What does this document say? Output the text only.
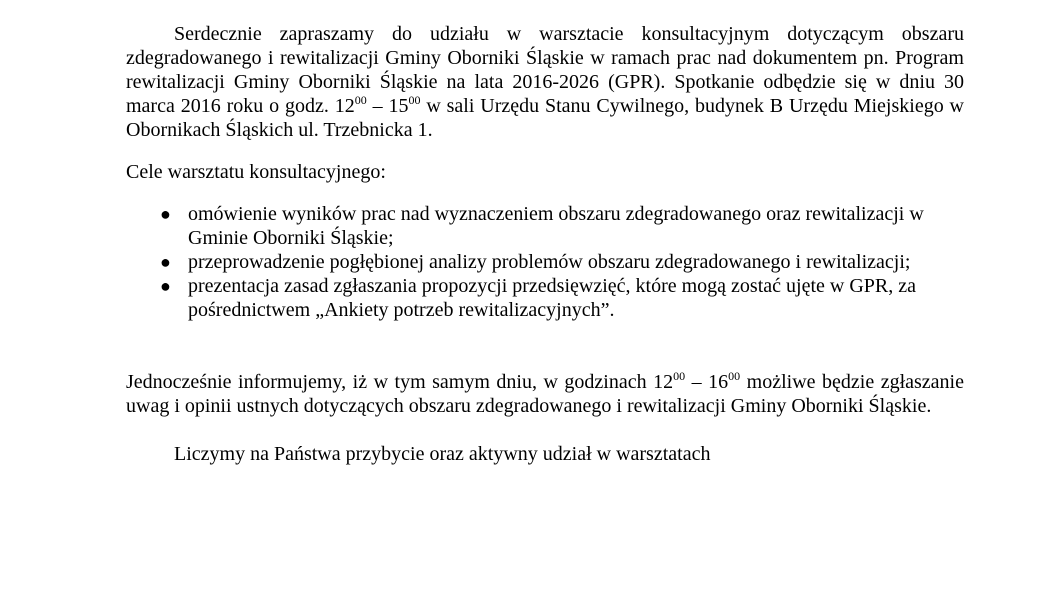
Serdecznie zapraszamy do udziału w warsztacie konsultacyjnym dotyczącym obszaru zdegradowanego i rewitalizacji Gminy Oborniki Śląskie w ramach prac nad dokumentem pn. Program rewitalizacji Gminy Oborniki Śląskie na lata 2016-2026 (GPR). Spotkanie odbędzie się w dniu 30 marca 2016 roku o godz. $12^{00} - 15^{00}$ w sali Urzędu Stanu Cywilnego, budynek B Urzędu Miejskiego w Obornikach Śląskich ul. Trzebnicka 1.

Cele warsztatu konsultacyjnego:

● omówienie wyników prac nad wyznaczeniem obszaru zdegradowanego oraz rewitalizacji w Gminie Oborniki Śląskie;
● przeprowadzenie pogłębionej analizy problemów obszaru zdegradowanego i rewitalizacji;
● prezentacja zasad zgłaszania propozycji przedsięwzięć, które mogą zostać ujęte w GPR, za pośrednictwem „Ankiety potrzeb rewitalizacyjnych”.

Jednocześnie informujemy, iż w tym samym dniu, w godzinach $12^{00} - 16^{00}$ możliwe będzie zgłaszanie uwag i opinii ustnych dotyczących obszaru zdegradowanego i rewitalizacji Gminy Oborniki Śląskie.

Liczymy na Państwa przybycie oraz aktywny udział w warsztatach
